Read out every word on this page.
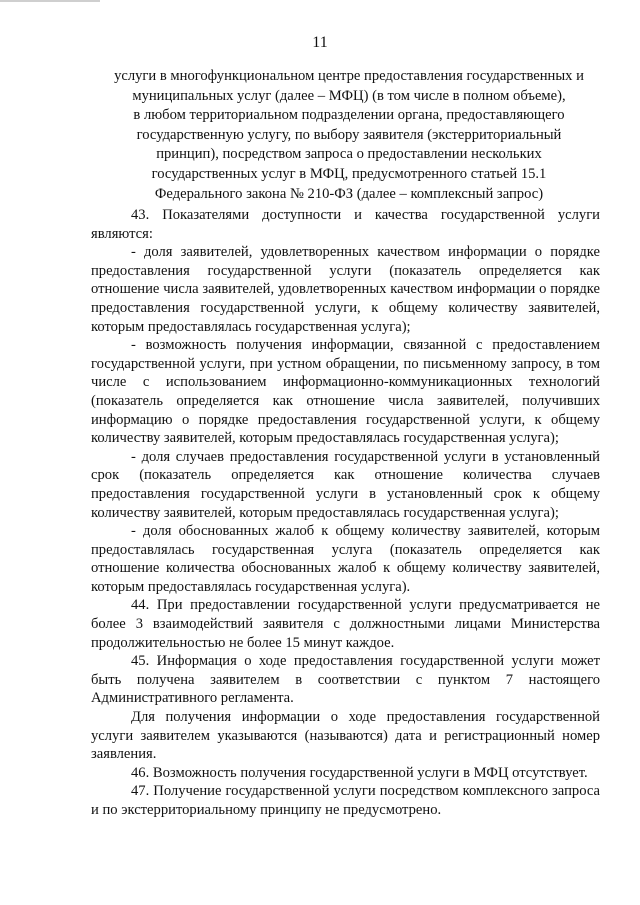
11
услуги в многофункциональном центре предоставления государственных и
муниципальных услуг (далее – МФЦ) (в том числе в полном объеме),
в любом территориальном подразделении органа, предоставляющего
государственную услугу, по выбору заявителя (экстерриториальный
принцип), посредством запроса о предоставлении нескольких
государственных услуг в МФЦ, предусмотренного статьей 15.1
Федерального закона № 210-ФЗ (далее – комплексный запрос)

43. Показателями доступности и качества государственной услуги являются:

- доля заявителей, удовлетворенных качеством информации о порядке предоставления государственной услуги (показатель определяется как отношение числа заявителей, удовлетворенных качеством информации о порядке предоставления государственной услуги, к общему количеству заявителей, которым предоставлялась государственная услуга);

- возможность получения информации, связанной с предоставлением государственной услуги, при устном обращении, по письменному запросу, в том числе с использованием информационно-коммуникационных технологий (показатель определяется как отношение числа заявителей, получивших информацию о порядке предоставления государственной услуги, к общему количеству заявителей, которым предоставлялась государственная услуга);

- доля случаев предоставления государственной услуги в установленный срок (показатель определяется как отношение количества случаев предоставления государственной услуги в установленный срок к общему количеству заявителей, которым предоставлялась государственная услуга);

- доля обоснованных жалоб к общему количеству заявителей, которым предоставлялась государственная услуга (показатель определяется как отношение количества обоснованных жалоб к общему количеству заявителей, которым предоставлялась государственная услуга).

44. При предоставлении государственной услуги предусматривается не более 3 взаимодействий заявителя с должностными лицами Министерства продолжительностью не более 15 минут каждое.

45. Информация о ходе предоставления государственной услуги может быть получена заявителем в соответствии с пунктом 7 настоящего Административного регламента.

Для получения информации о ходе предоставления государственной услуги заявителем указываются (называются) дата и регистрационный номер заявления.

46. Возможность получения государственной услуги в МФЦ отсутствует.

47. Получение государственной услуги посредством комплексного запроса и по экстерриториальному принципу не предусмотрено.
